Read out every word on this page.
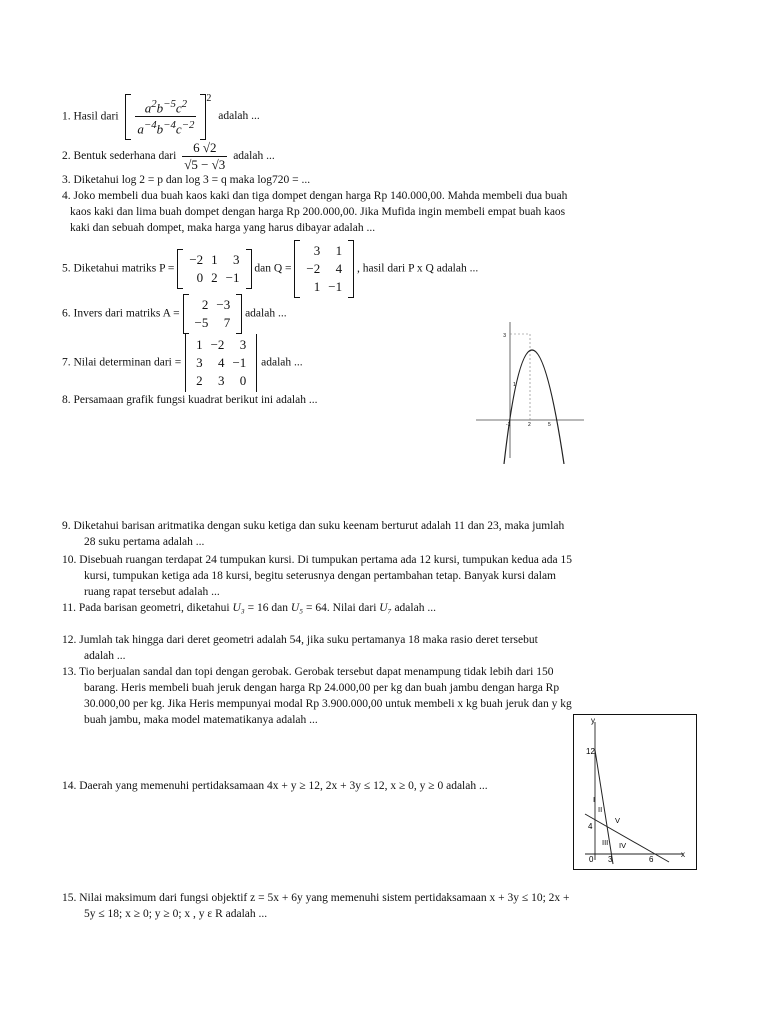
1. Hasil dari $\frac{a^2b^{-5}c^2}{a^{-4}b^{-4}c^{-2}} ^2$ adalah ...
2. Bentuk sederhana dari $\frac{6 √2}{√5 - √3}$ adalah ...
3. Diketahui log 2 = p dan log 3 = q maka log720 = ...
4. Joko membeli dua buah kaos kaki dan tiga dompet dengan harga Rp 140.000,00. Mahda membeli dua buah
kaos kaki dan lima buah dompet dengan harga Rp 200.000,00. Jika Mufida ingin membeli empat buah kaos
kaki dan sebuah dompet, maka harga yang harus dibayar adalah ...
5. Diketahui matriks P =
−2	1	3
0	2	−1
dan Q =
3	1
−2	4
1	−1
, hasil dari P x Q adalah ...
6. Invers dari matriks A =
2	−3
−5	7
adalah ...
7. Nilai determinan dari =
1	−2	3
3	4	−1
2	3	0
adalah ...
8. Persamaan grafik fungsi kuadrat berikut ini adalah ...
3
1
-1	2	5
9. Diketahui barisan aritmatika dengan suku ketiga dan suku keenam berturut adalah 11 dan 23, maka jumlah
28 suku pertama adalah ...
10. Disebuah ruangan terdapat 24 tumpukan kursi. Di tumpukan pertama ada 12 kursi, tumpukan kedua ada 15
kursi, tumpukan ketiga ada 18 kursi, begitu seterusnya dengan pertambahan tetap. Banyak kursi dalam
ruang rapat tersebut adalah ...
11. Pada barisan geometri, diketahui U₃ = 16 dan U₅ = 64. Nilai dari U₇ adalah ...
12. Jumlah tak hingga dari deret geometri adalah 54, jika suku pertamanya 18 maka rasio deret tersebut
adalah ...
13. Tio berjualan sandal dan topi dengan gerobak. Gerobak tersebut dapat menampung tidak lebih dari 150
barang. Heris membeli buah jeruk dengan harga Rp 24.000,00 per kg dan buah jambu dengan harga Rp
30.000,00 per kg. Jika Heris mempunyai modal Rp 3.900.000,00 untuk membeli x kg buah jeruk dan y kg
buah jambu, maka model matematikanya adalah ...
14. Daerah yang memenuhi pertidaksamaan 4x + y ≥ 12, 2x + 3y ≤ 12, x ≥ 0, y ≥ 0 adalah ...
y
x
12
4
0 3	6
I
II
III IV
V
15. Nilai maksimum dari fungsi objektif z = 5x + 6y yang memenuhi sistem pertidaksamaan x + 3y ≤ 10; 2x +
5y ≤ 18; x ≥ 0; y ≥ 0; x , y ε R adalah ...
